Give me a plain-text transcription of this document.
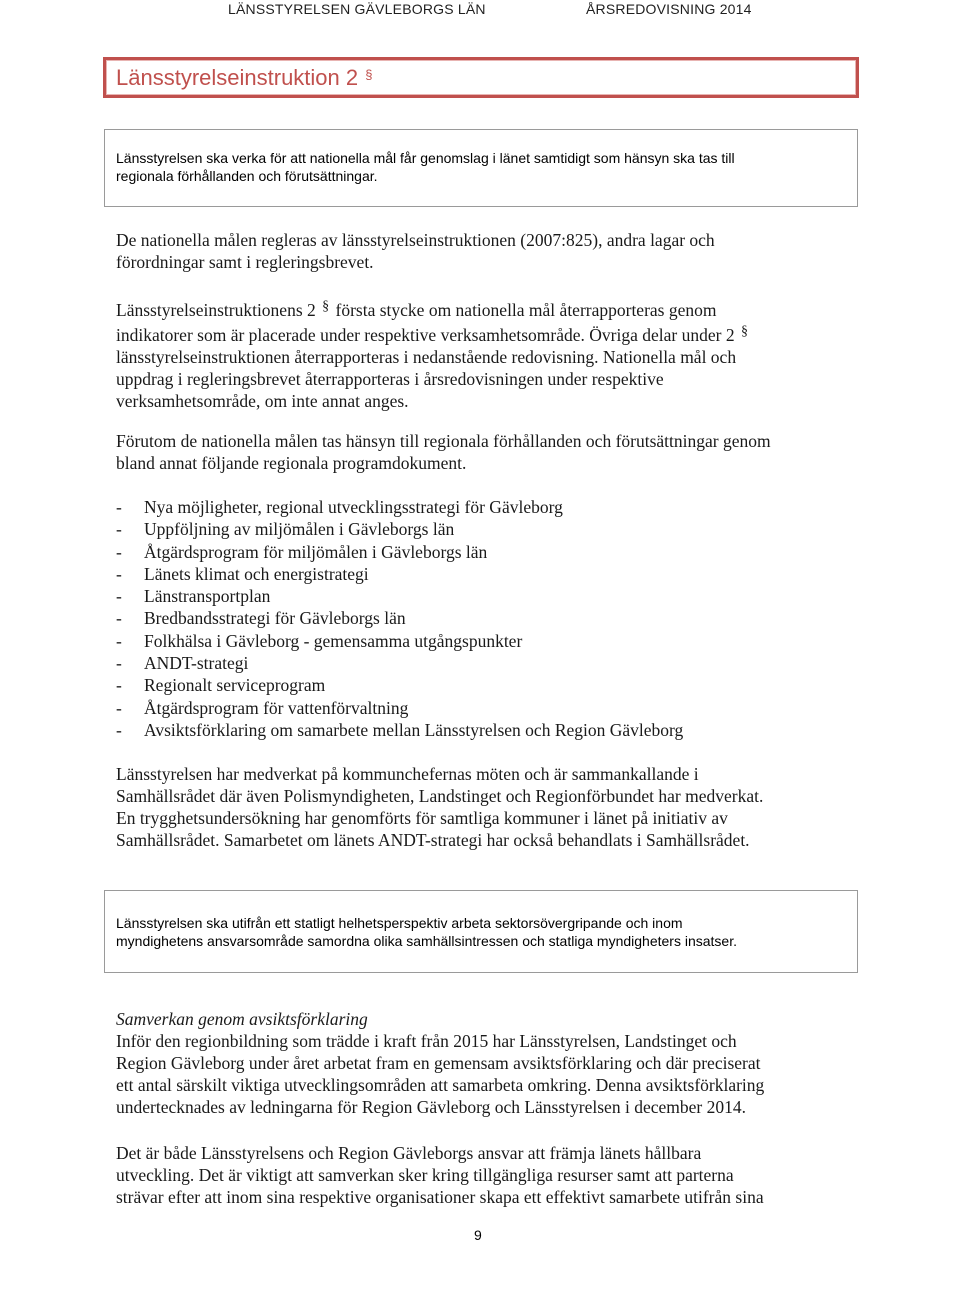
LÄNSSTYRELSEN GÄVLEBORGS LÄN	ÅRSREDOVISNING 2014
Länsstyrelseinstruktion 2 §

Länsstyrelsen ska verka för att nationella mål får genomslag i länet samtidigt som hänsyn ska tas till

regionala förhållanden och förutsättningar.

De nationella målen regleras av länsstyrelseinstruktionen (2007:825), andra lagar och
förordningar samt i regleringsbrevet.
Länsstyrelseinstruktionens 2 § första stycke om nationella mål återrapporteras genom
indikatorer som är placerade under respektive verksamhetsområde. Övriga delar under 2 §
länsstyrelseinstruktionen återrapporteras i nedanstående redovisning. Nationella mål och
uppdrag i regleringsbrevet återrapporteras i årsredovisningen under respektive
verksamhetsområde, om inte annat anges.
Förutom de nationella målen tas hänsyn till regionala förhållanden och förutsättningar genom
bland annat följande regionala programdokument.
- Nya möjligheter, regional utvecklingsstrategi för Gävleborg
- Uppföljning av miljömålen i Gävleborgs län
- Åtgärdsprogram för miljömålen i Gävleborgs län
- Länets klimat och energistrategi
- Länstransportplan
- Bredbandsstrategi för Gävleborgs län
- Folkhälsa i Gävleborg - gemensamma utgångspunkter
- ANDT-strategi
- Regionalt serviceprogram
- Åtgärdsprogram för vattenförvaltning
- Avsiktsförklaring om samarbete mellan Länsstyrelsen och Region Gävleborg
Länsstyrelsen har medverkat på kommunchefernas möten och är sammankallande i
Samhällsrådet där även Polismyndigheten, Landstinget och Regionförbundet har medverkat.
En trygghetsundersökning har genomförts för samtliga kommuner i länet på initiativ av
Samhällsrådet. Samarbetet om länets ANDT-strategi har också behandlats i Samhällsrådet.

Länsstyrelsen ska utifrån ett statligt helhetsperspektiv arbeta sektorsövergripande och inom

myndighetens ansvarsområde samordna olika samhällsintressen och statliga myndigheters insatser.

Samverkan genom avsiktsförklaring
Inför den regionbildning som trädde i kraft från 2015 har Länsstyrelsen, Landstinget och
Region Gävleborg under året arbetat fram en gemensam avsiktsförklaring och där preciserat
ett antal särskilt viktiga utvecklingsområden att samarbeta omkring. Denna avsiktsförklaring
undertecknades av ledningarna för Region Gävleborg och Länsstyrelsen i december 2014.
Det är både Länsstyrelsens och Region Gävleborgs ansvar att främja länets hållbara
utveckling. Det är viktigt att samverkan sker kring tillgängliga resurser samt att parterna
strävar efter att inom sina respektive organisationer skapa ett effektivt samarbete utifrån sina
9
